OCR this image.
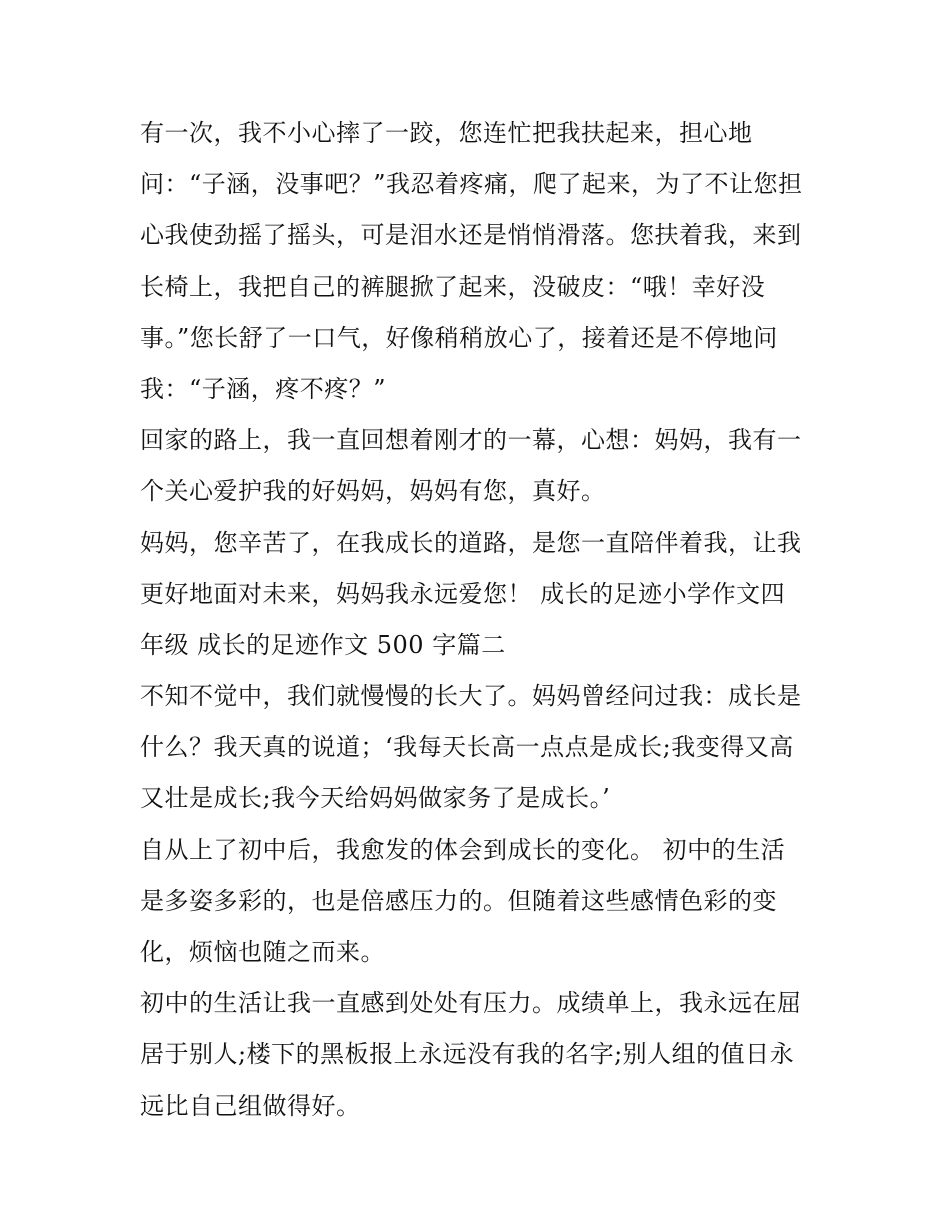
有一次，我不小心摔了一跤，您连忙把我扶起来，担心地
问：“子涵，没事吧？”我忍着疼痛，爬了起来，为了不让您担
心我使劲摇了摇头，可是泪水还是悄悄滑落。您扶着我，来到
长椅上，我把自己的裤腿掀了起来，没破皮：“哦！幸好没
事。”您长舒了一口气，好像稍稍放心了，接着还是不停地问
我：“子涵，疼不疼？”
回家的路上，我一直回想着刚才的一幕，心想：妈妈，我有一
个关心爱护我的好妈妈，妈妈有您，真好。
妈妈，您辛苦了，在我成长的道路，是您一直陪伴着我，让我
更好地面对未来，妈妈我永远爱您！ 成长的足迹小学作文四
年级 成长的足迹作文 500 字篇二
不知不觉中，我们就慢慢的长大了。妈妈曾经问过我：成长是
什么？我天真的说道；‘我每天长高一点点是成长;我变得又高
又壮是成长;我今天给妈妈做家务了是成长。’
自从上了初中后，我愈发的体会到成长的变化。 初中的生活
是多姿多彩的，也是倍感压力的。但随着这些感情色彩的变
化，烦恼也随之而来。
初中的生活让我一直感到处处有压力。成绩单上，我永远在屈
居于别人;楼下的黑板报上永远没有我的名字;别人组的值日永
远比自己组做得好。
